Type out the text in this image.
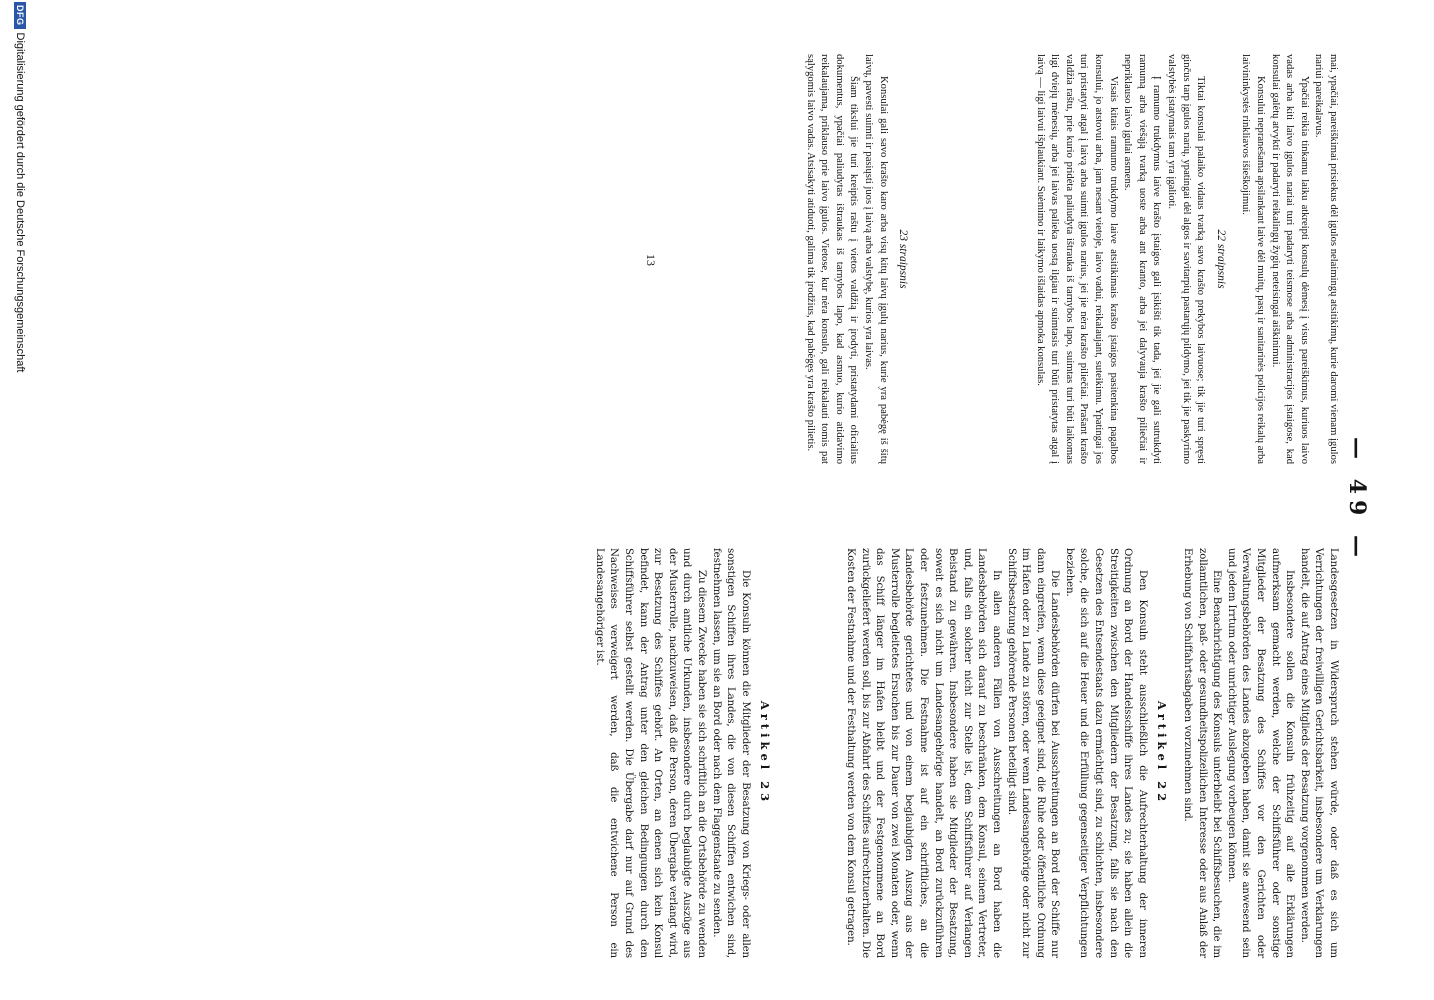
— 49 —

mai, ypačiai, pareiškimai prisiekus dėl įgulos nelaimingų atsitikimų, kurie daromi vienam įgulos nariui pareikalavus.

Ypačiai reikia tinkamu laiku atkreipti konsulų dėmesį į visus pareiškimus, kuriuos laivo vadas arba kiti laivo įgulos nariai turi padaryti teismose arba administracijos įstaigose, kad konsulai galėtų atvykti ir padaryti reikalingų žygių neteisingai aiškinimui.

Konsului nepranešama apsilankant laive dėl muitų, pasų ir sanitarinės policijos reikalų arba laivininkystės rinkliavos išieškojimui.

22 straipsnis

Tiktai konsulai palaiko vidaus tvarką savo krašto prekybos laivuose; tik jie turi spręsti ginčus tarp įgulos narių, ypatingai dėl algos ir savitarpių pastarųjų pildymo, jei tik jie paskyrimo valstybės įstatymais tam yra įgalioti.

Į ramumo trukdymus laive krašto įstaigos gali įsikišti tik tada, jei jie gali sutrukdyti ramumą arba viešąją tvarką uoste arba ant kranto, arba jei dalyvauja krašto piliečiai ir nepriklauso laivo įgulai asmens.

Visais kitais ramumo trukdymo laive atsitikimais krašto įstaigos pasitenkina pagalbos konsului, jo atstovui arba, jam nesant vietoje, laivo vadui, reikalaujant, suteikimu. Ypatingai jos turi pristatyti atgal į laivą arba suimti įgulos narius, jei jie nėra krašto piliečiai. Prašant krašto valdžia raštu, prie kurio pridėta paliudyta ištrauka iš tarnybos lapo, suimtas turi būti laikomas ligi dviejų mėnesių, arba jei laivas palieka uostą ilgiau ir suimtasis turi būti pristatytas atgal į laivą — ligi laivui išplaukiant. Suėmimo ir laikymo išlaidas apmoka konsulas.

23 straipsnis

Konsulai gali savo krašto karo arba visų kitų laivų įgulų narius, kurie yra pabėgę iš šitų laivų, pavesti suimti ir pasiųsti juos į laivą arba valstybę, kurios yra laivas.

Šiam tikslui jie turi kreiptis raštu į vietos valdžią ir įrodyti, pristatydami oficialius dokumentus, ypačiai paliudytas ištraukas iš tarnybos lapo, kad asmuo, kurio atidavimo reikalaujama, priklauso prie laivo įgulos. Vietose, kur nėra konsulo, gali reikalauti tomis pat sąlygomis laivo vadas. Atsisakyti atiduoti, galima tik įrodžius, kad pabėgęs yra krašto pilietis.

Landesgesetzen in Widerspruch stehen würde, oder daß es sich um Verrichtungen der freiwilligen Gerichtsbarkeit, insbesondere um Verklarungen handelt, die auf Antrag eines Mitglieds der Besatzung vorgenommen werden.

Insbesondere sollen die Konsuln frühzeitig auf alle Erklärungen aufmerksam gemacht werden, welche der Schiffsführer oder sonstige Mitglieder der Besatzung des Schiffes vor den Gerichten oder Verwaltungsbehörden des Landes abzugeben haben, damit sie anwesend sein und jedem Irrtum oder unrichtiger Auslegung vorbeugen können.

Eine Benachrichtigung des Konsuls unterbleibt bei Schiffsbesuchen, die im zollamtlichen, paß- oder gesundheitspolizeilichen Interesse oder aus Anlaß der Erhebung von Schiffahrtsabgaben vorzunehmen sind.

Artikel 22

Den Konsuln steht ausschließlich die Aufrechterhaltung der inneren Ordnung an Bord der Handelsschiffe ihres Landes zu; sie haben allein die Streitigkeiten zwischen den Mitgliedern der Besatzung, falls sie nach den Gesetzen des Entsendestaats dazu ermächtigt sind, zu schlichten, insbesondere solche, die sich auf die Heuer und die Erfüllung gegenseitiger Verpflichtungen beziehen.

Die Landesbehörden dürfen bei Ausschreitungen an Bord der Schiffe nur dann eingreifen, wenn diese geeignet sind, die Ruhe oder öffentliche Ordnung im Hafen oder zu Lande zu stören, oder wenn Landesangehörige oder nicht zur Schiffsbesatzung gehörende Personen beteiligt sind.

In allen anderen Fällen von Ausschreitungen an Bord haben die Landesbehörden sich darauf zu beschränken, dem Konsul, seinem Vertreter, und, falls ein solcher nicht zur Stelle ist, dem Schiffsführer auf Verlangen Beistand zu gewähren. Insbesondere haben sie Mitglieder der Besatzung, soweit es sich nicht um Landesangehörige handelt, an Bord zurückzuführen oder festzunehmen. Die Festnahme ist auf ein schriftliches, an die Landesbehörde gerichtetes und von einem beglaubigten Auszug aus der Musterrolle begleitetes Ersuchen bis zur Dauer von zwei Monaten oder, wenn das Schiff länger im Hafen bleibt und der Festgenommene an Bord zurückgeliefert werden soll, bis zur Abfahrt des Schiffes aufrechtzuerhalten. Die Kosten der Festnahme und der Festhaltung werden von dem Konsul getragen.

Artikel 23

Die Konsuln können die Mitglieder der Besatzung von Kriegs- oder allen sonstigen Schiffen ihres Landes, die von diesen Schiffen entwichen sind, festnehmen lassen, um sie an Bord oder nach dem Flaggenstaate zu senden.

Zu diesem Zwecke haben sie sich schriftlich an die Ortsbehörde zu wenden und durch amtliche Urkunden, insbesondere durch beglaubigte Auszüge aus der Musterrolle, nachzuweisen, daß die Person, deren Übergabe verlangt wird, zur Besatzung des Schiffes gehört. An Orten, an denen sich kein Konsul befindet, kann der Antrag unter den gleichen Bedingungen durch den Schiffsführer selbst gestellt werden. Die Übergabe darf nur auf Grund des Nachweises verweigert werden, daß die entwichene Person ein Landesangehöriger ist.

13
DFG
Digitalisierung gefördert durch die Deutsche Forschungsgemeinschaft
